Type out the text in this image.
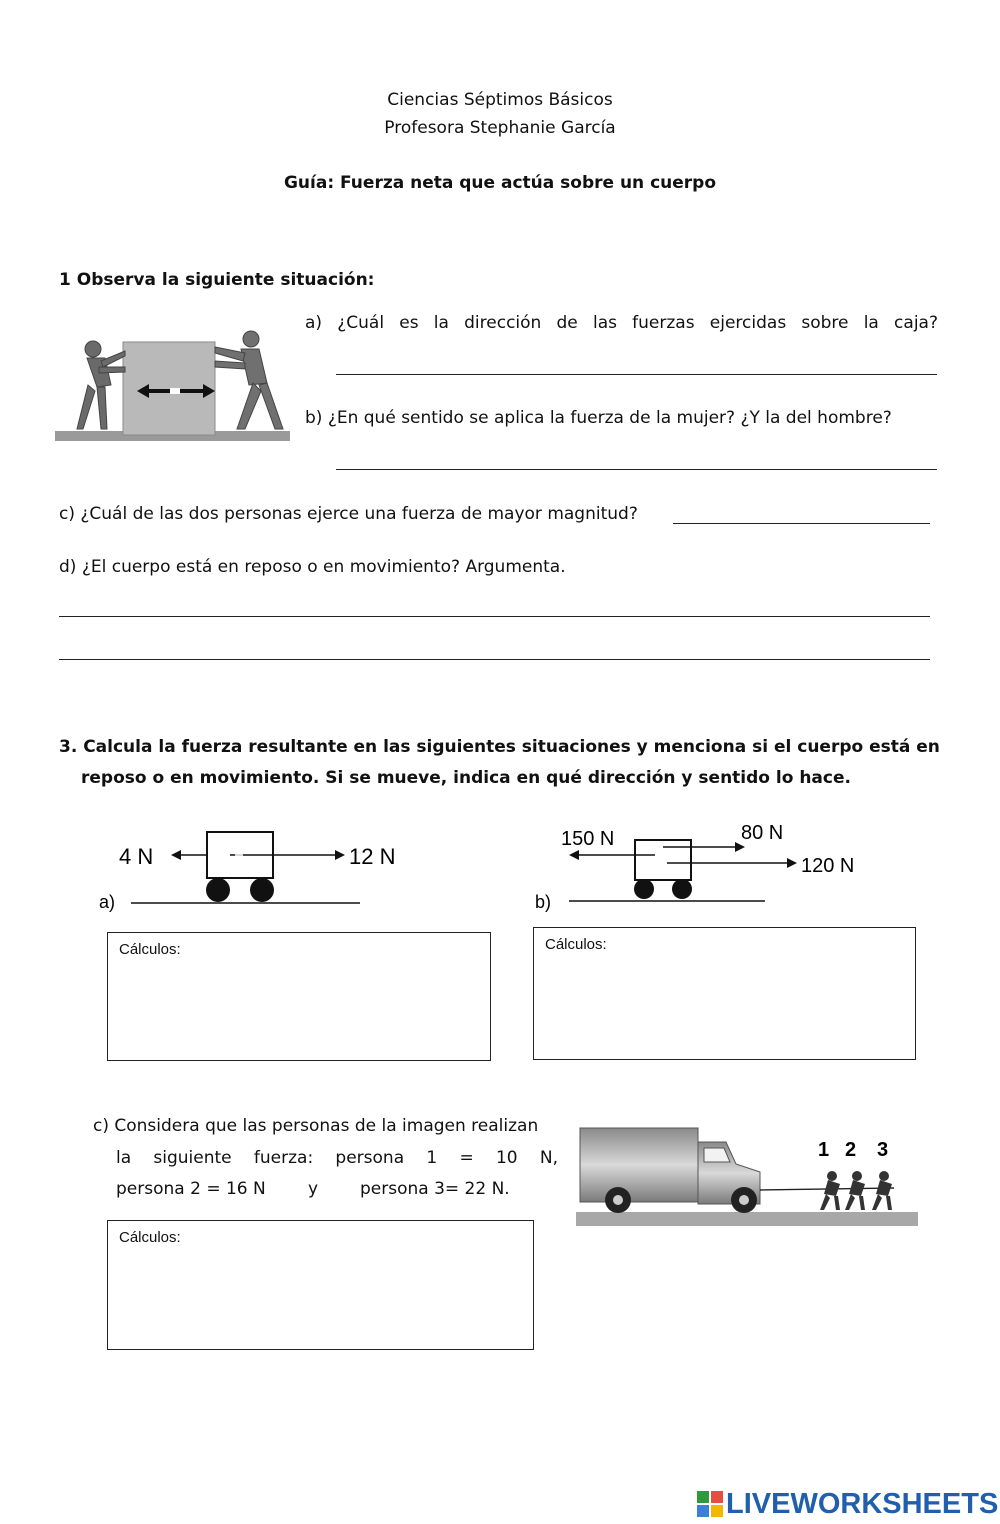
Ciencias Séptimos Básicos
Profesora Stephanie García
Guía: Fuerza neta que actúa sobre un cuerpo
1 Observa la siguiente situación:
a) ¿Cuál es la dirección de las fuerzas ejercidas sobre la caja?
b) ¿En qué sentido se aplica la fuerza de la mujer? ¿Y la del hombre?
c) ¿Cuál de las dos personas ejerce una fuerza de mayor magnitud?
d) ¿El cuerpo está en reposo o en movimiento? Argumenta.
3. Calcula la fuerza resultante en las siguientes situaciones y menciona si el cuerpo está en
reposo o en movimiento. Si se mueve, indica en qué dirección y sentido lo hace.
4 N	12 N
a)
150 N	80 N
120 N
b)
Cálculos:	Cálculos:
c) Considera que las personas de la imagen realizan
la siguiente fuerza: persona 1 = 10 N,
persona 2 = 16 N y persona 3= 22 N.
1 2 3
Cálculos:
LIVEWORKSHEETS
